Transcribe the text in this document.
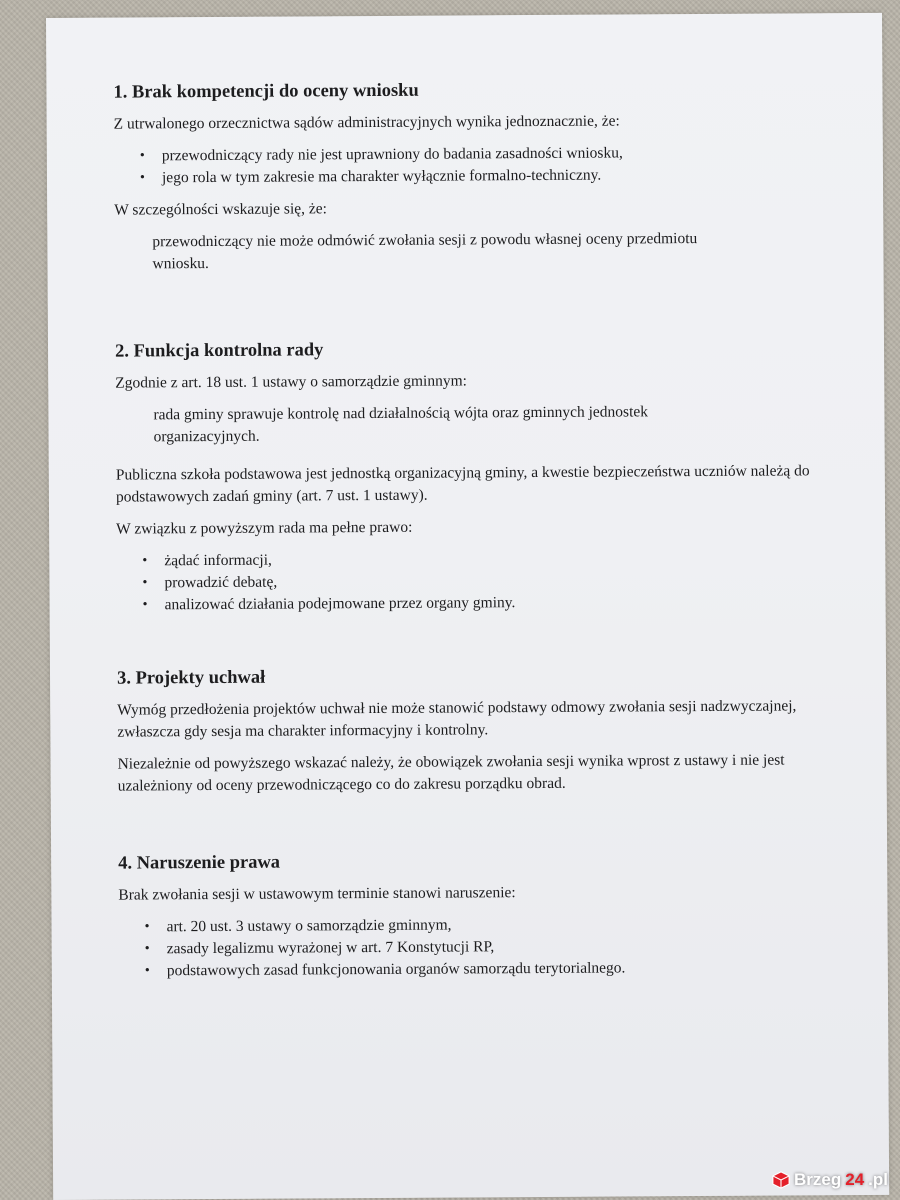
1. Brak kompetencji do oceny wniosku
Z utrwalonego orzecznictwa sądów administracyjnych wynika jednoznacznie, że:
• przewodniczący rady nie jest uprawniony do badania zasadności wniosku,
• jego rola w tym zakresie ma charakter wyłącznie formalno-techniczny.
W szczególności wskazuje się, że:
przewodniczący nie może odmówić zwołania sesji z powodu własnej oceny przedmiotu wniosku.
2. Funkcja kontrolna rady
Zgodnie z art. 18 ust. 1 ustawy o samorządzie gminnym:
rada gminy sprawuje kontrolę nad działalnością wójta oraz gminnych jednostek organizacyjnych.
Publiczna szkoła podstawowa jest jednostką organizacyjną gminy, a kwestie bezpieczeństwa uczniów należą do podstawowych zadań gminy (art. 7 ust. 1 ustawy).
W związku z powyższym rada ma pełne prawo:
• żądać informacji,
• prowadzić debatę,
• analizować działania podejmowane przez organy gminy.
3. Projekty uchwał
Wymóg przedłożenia projektów uchwał nie może stanowić podstawy odmowy zwołania sesji nadzwyczajnej, zwłaszcza gdy sesja ma charakter informacyjny i kontrolny.
Niezależnie od powyższego wskazać należy, że obowiązek zwołania sesji wynika wprost z ustawy i nie jest uzależniony od oceny przewodniczącego co do zakresu porządku obrad.
4. Naruszenie prawa
Brak zwołania sesji w ustawowym terminie stanowi naruszenie:
• art. 20 ust. 3 ustawy o samorządzie gminnym,
• zasady legalizmu wyrażonej w art. 7 Konstytucji RP,
• podstawowych zasad funkcjonowania organów samorządu terytorialnego.
Brzeg 24 .pl
